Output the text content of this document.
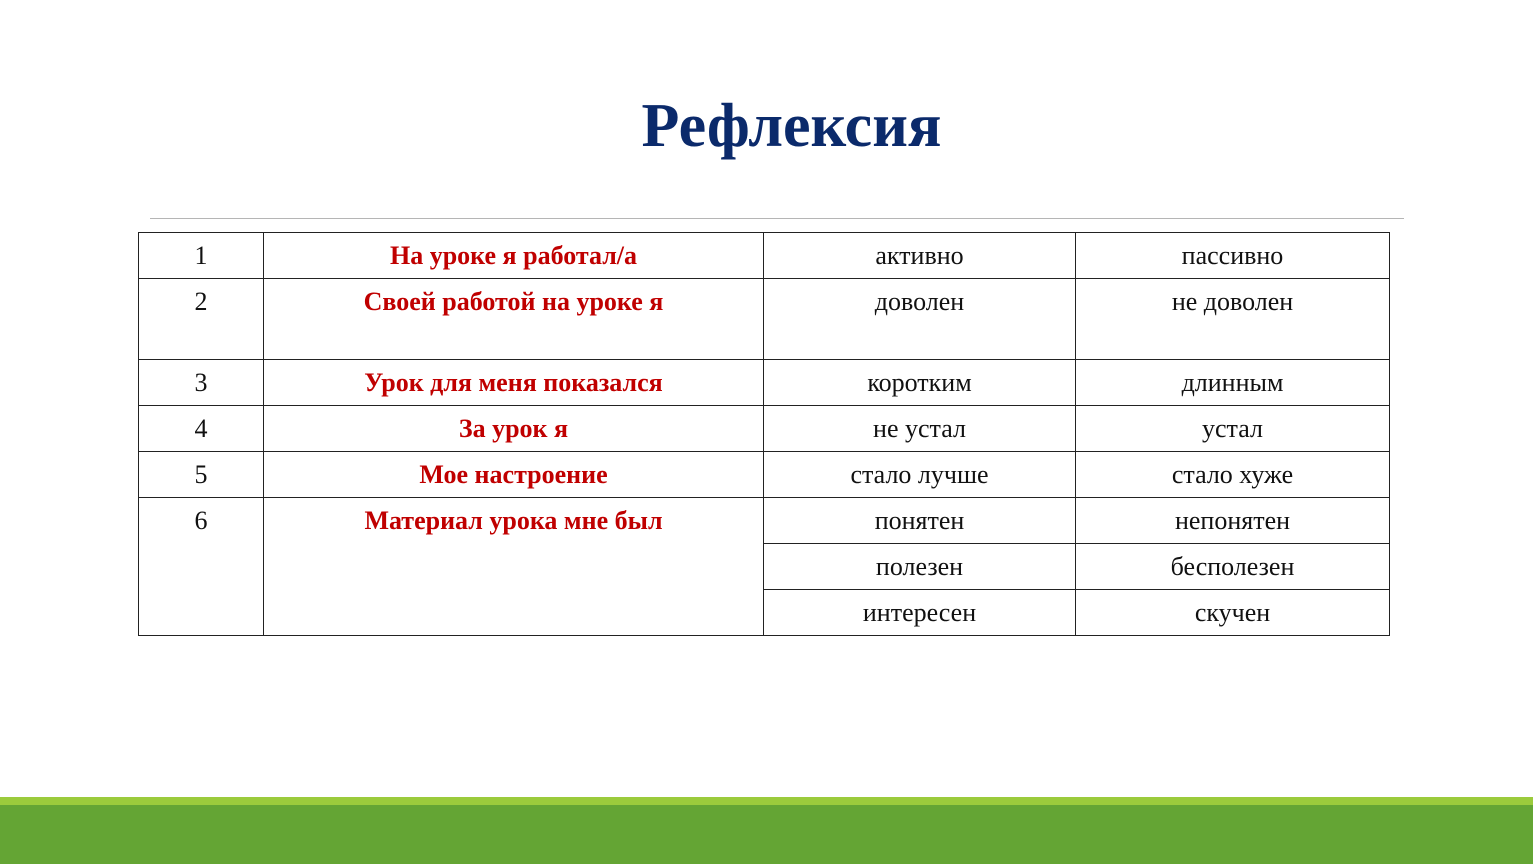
Рефлексия
1	На уроке я работал/а	активно	пассивно
2	Своей работой на уроке я	доволен	не доволен
3	Урок для меня показался	коротким	длинным
4	За урок я	не устал	устал
5	Мое настроение	стало лучше	стало хуже
6	Материал урока мне был	понятен	непонятен
		полезен	бесполезен
		интересен	скучен
